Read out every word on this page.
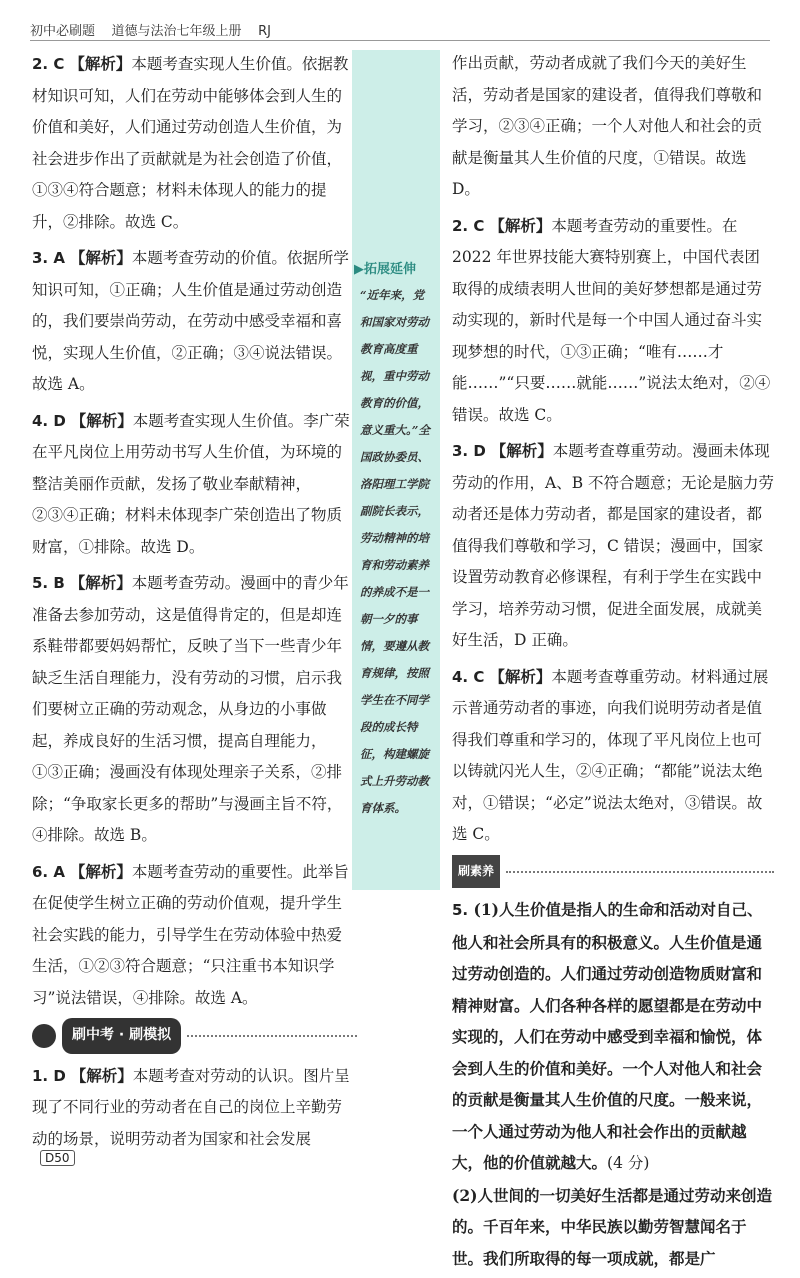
初中必刷题 道德与法治七年级上册 RJ
2. C 【解析】本题考查实现人生价值。依据教材知识可知，人们在劳动中能够体会到人生的价值和美好，人们通过劳动创造人生价值，为社会进步作出了贡献就是为社会创造了价值，①③④符合题意；材料未体现人的能力的提升，②排除。故选 C。
3. A 【解析】本题考查劳动的价值。依据所学知识可知，①正确；人生价值是通过劳动创造的，我们要崇尚劳动，在劳动中感受幸福和喜悦，实现人生价值，②正确；③④说法错误。故选 A。
4. D 【解析】本题考查实现人生价值。李广荣在平凡岗位上用劳动书写人生价值，为环境的整洁美丽作贡献，发扬了敬业奉献精神，②③④正确；材料未体现李广荣创造出了物质财富，①排除。故选 D。
5. B 【解析】本题考查劳动。漫画中的青少年准备去参加劳动，这是值得肯定的，但是却连系鞋带都要妈妈帮忙，反映了当下一些青少年缺乏生活自理能力，没有劳动的习惯，启示我们要树立正确的劳动观念，从身边的小事做起，养成良好的生活习惯，提高自理能力，①③正确；漫画没有体现处理亲子关系，②排除；“争取家长更多的帮助”与漫画主旨不符，④排除。故选 B。
6. A 【解析】本题考查劳动的重要性。此举旨在促使学生树立正确的劳动价值观，提升学生社会实践的能力，引导学生在劳动体验中热爱生活，①②③符合题意；“只注重书本知识学习”说法错误，④排除。故选 A。
刷中考 · 刷模拟
1. D 【解析】本题考查对劳动的认识。图片呈现了不同行业的劳动者在自己的岗位上辛勤劳动的场景，说明劳动者为国家和社会发展
▶拓展延伸
“近年来，党和国家对劳动教育高度重视，重中劳动教育的价值，意义重大。”全国政协委员、洛阳理工学院副院长表示，劳动精神的培育和劳动素养的养成不是一朝一夕的事情，要遵从教育规律，按照学生在不同学段的成长特征，构建螺旋式上升劳动教育体系。
作出贡献，劳动者成就了我们今天的美好生活，劳动者是国家的建设者，值得我们尊敬和学习，②③④正确；一个人对他人和社会的贡献是衡量其人生价值的尺度，①错误。故选 D。
2. C 【解析】本题考查劳动的重要性。在 2022 年世界技能大赛特别赛上，中国代表团取得的成绩表明人世间的美好梦想都是通过劳动实现的，新时代是每一个中国人通过奋斗实现梦想的时代，①③正确；“唯有……才能……”“只要……就能……”说法太绝对，②④错误。故选 C。
3. D 【解析】本题考查尊重劳动。漫画未体现劳动的作用，A、B 不符合题意；无论是脑力劳动者还是体力劳动者，都是国家的建设者，都值得我们尊敬和学习，C 错误；漫画中，国家设置劳动教育必修课程，有利于学生在实践中学习，培养劳动习惯，促进全面发展，成就美好生活，D 正确。
4. C 【解析】本题考查尊重劳动。材料通过展示普通劳动者的事迹，向我们说明劳动者是值得我们尊重和学习的，体现了平凡岗位上也可以铸就闪光人生，②④正确；“都能”说法太绝对，①错误；“必定”说法太绝对，③错误。故选 C。
刷素养
5. (1)人生价值是指人的生命和活动对自己、他人和社会所具有的积极意义。人生价值是通过劳动创造的。人们通过劳动创造物质财富和精神财富。人们各种各样的愿望都是在劳动中实现的，人们在劳动中感受到幸福和愉悦，体会到人生的价值和美好。一个人对他人和社会的贡献是衡量其人生价值的尺度。一般来说，一个人通过劳动为他人和社会作出的贡献越大，他的价值就越大。(4 分)
(2)人世间的一切美好生活都是通过劳动来创造的。千百年来，中华民族以勤劳智慧闻名于世。我们所取得的每一项成就，都是广
D50
